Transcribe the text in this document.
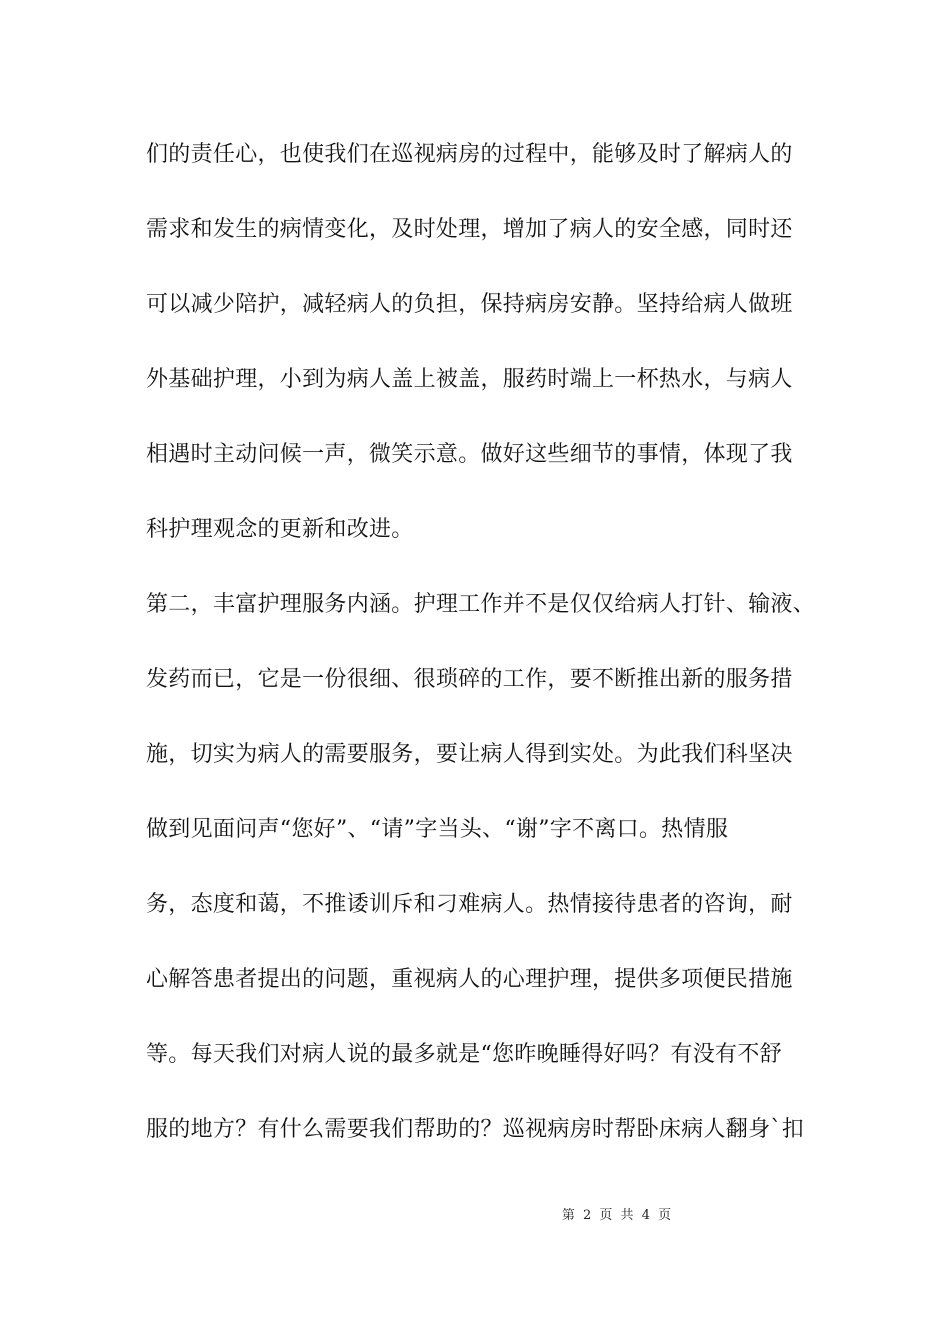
们的责任心，也使我们在巡视病房的过程中，能够及时了解病人的
需求和发生的病情变化，及时处理，增加了病人的安全感，同时还
可以减少陪护，减轻病人的负担，保持病房安静。坚持给病人做班
外基础护理，小到为病人盖上被盖，服药时端上一杯热水，与病人
相遇时主动问候一声，微笑示意。做好这些细节的事情，体现了我
科护理观念的更新和改进。
第二，丰富护理服务内涵。护理工作并不是仅仅给病人打针、输液、
发药而已，它是一份很细、很琐碎的工作，要不断推出新的服务措
施，切实为病人的需要服务，要让病人得到实处。为此我们科坚决
做到见面问声“您好”、“请”字当头、“谢”字不离口。热情服
务，态度和蔼，不推诿训斥和刁难病人。热情接待患者的咨询，耐
心解答患者提出的问题，重视病人的心理护理，提供多项便民措施
等。每天我们对病人说的最多就是“您昨晚睡得好吗？有没有不舒
服的地方？有什么需要我们帮助的？巡视病房时帮卧床病人翻身`扣
第 2 页 共 4 页
